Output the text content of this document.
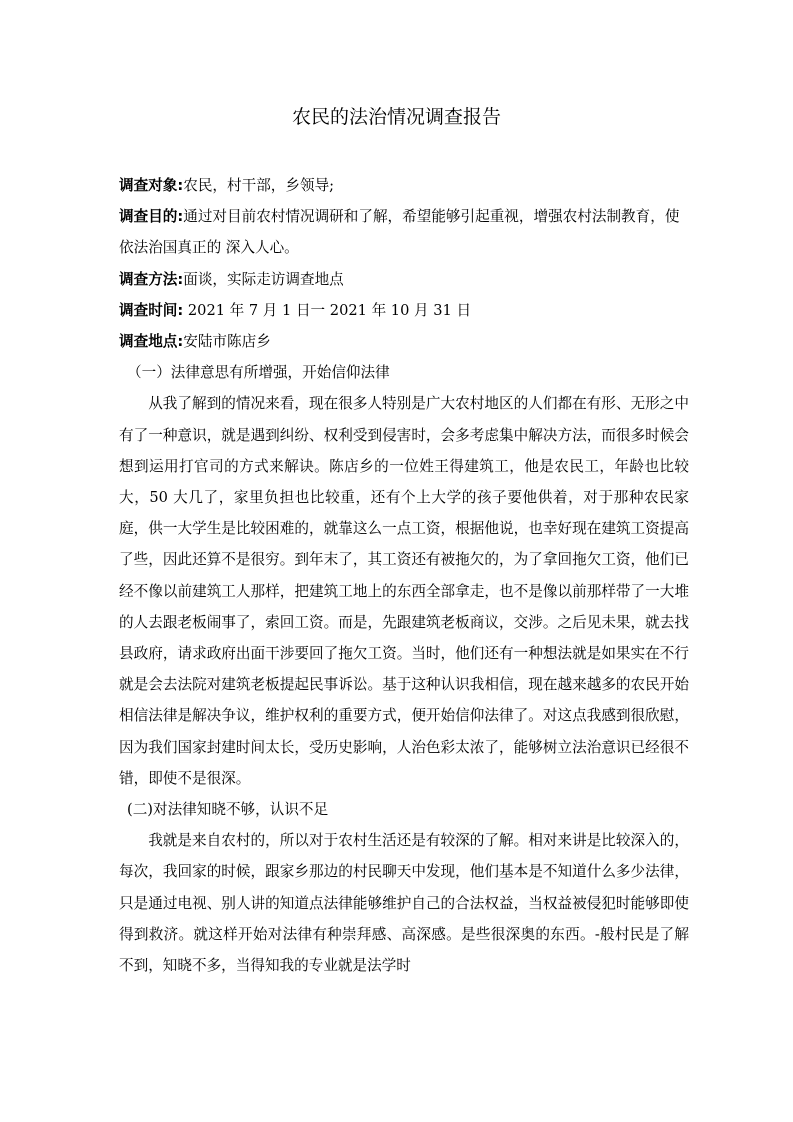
农民的法治情况调查报告

调查对象:农民，村干部，乡领导;

调查目的:通过对目前农村情况调研和了解，希望能够引起重视，增强农村法制教育，使依法治国真正的 深入人心。

调查方法:面谈，实际走访调查地点

调查时间: 2021 年 7 月 1 日一 2021 年 10 月 31 日

调查地点:安陆市陈店乡

（一）法律意思有所增强，开始信仰法律

从我了解到的情况来看，现在很多人特别是广大农村地区的人们都在有形、无形之中有了一种意识，就是遇到纠纷、权利受到侵害时，会多考虑集中解决方法，而很多时候会想到运用打官司的方式来解诀。陈店乡的一位姓王得建筑工，他是农民工，年龄也比较大，50 大几了，家里负担也比较重，还有个上大学的孩子要他供着，对于那种农民家庭，供一大学生是比较困难的，就靠这么一点工资，根据他说，也幸好现在建筑工资提高了些，因此还算不是很穷。到年末了，其工资还有被拖欠的，为了拿回拖欠工资，他们已经不像以前建筑工人那样，把建筑工地上的东西全部拿走，也不是像以前那样带了一大堆的人去跟老板闹事了，索回工资。而是，先跟建筑老板商议，交涉。之后见未果，就去找县政府，请求政府出面干涉要回了拖欠工资。当时，他们还有一种想法就是如果实在不行就是会去法院对建筑老板提起民事诉讼。基于这种认识我相信，现在越来越多的农民开始相信法律是解决争议，维护权利的重要方式，便开始信仰法律了。对这点我感到很欣慰，因为我们国家封建时间太长，受历史影响，人治色彩太浓了，能够树立法治意识已经很不错，即使不是很深。

(二)对法律知晓不够，认识不足

我就是来自农村的，所以对于农村生活还是有较深的了解。相对来讲是比较深入的，每次，我回家的时候，跟家乡那边的村民聊天中发现，他们基本是不知道什么多少法律，只是通过电视、别人讲的知道点法律能够维护自己的合法权益，当权益被侵犯时能够即使得到救济。就这样开始对法律有种崇拜感、高深感。是些很深奥的东西。-般村民是了解不到，知晓不多，当得知我的专业就是法学时
